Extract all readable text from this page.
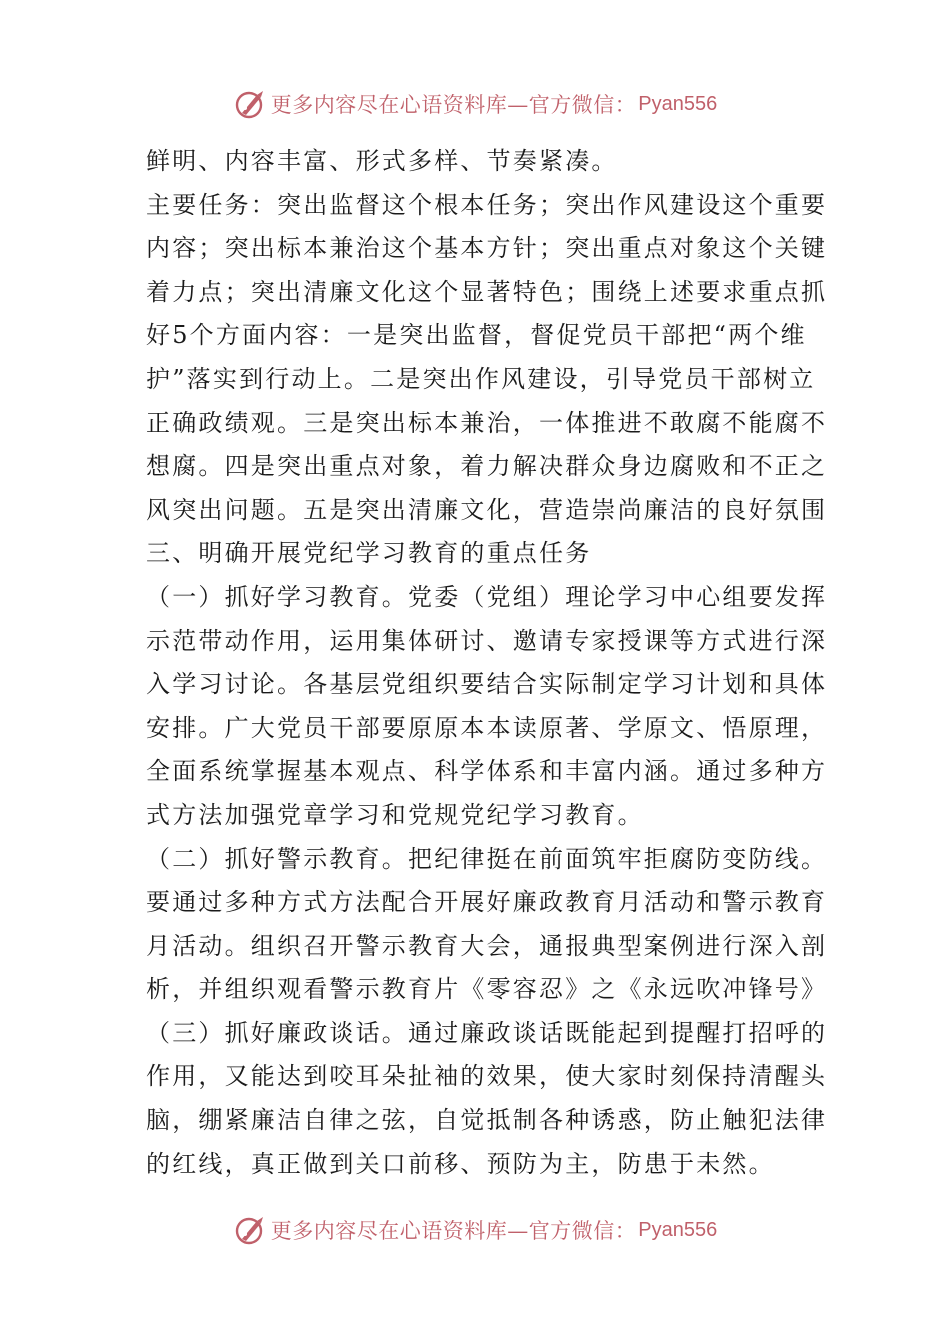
更多内容尽在心语资料库—官方微信： Pyan556
鲜明、内容丰富、形式多样、节奏紧凑。
主要任务：突出监督这个根本任务；突出作风建设这个重要
内容；突出标本兼治这个基本方针；突出重点对象这个关键
着力点；突出清廉文化这个显著特色；围绕上述要求重点抓
好5个方面内容：一是突出监督，督促党员干部把“两个维
护”落实到行动上。二是突出作风建设，引导党员干部树立
正确政绩观。三是突出标本兼治，一体推进不敢腐不能腐不
想腐。四是突出重点对象，着力解决群众身边腐败和不正之
风突出问题。五是突出清廉文化，营造崇尚廉洁的良好氛围
三、明确开展党纪学习教育的重点任务
（一）抓好学习教育。党委（党组）理论学习中心组要发挥
示范带动作用，运用集体研讨、邀请专家授课等方式进行深
入学习讨论。各基层党组织要结合实际制定学习计划和具体
安排。广大党员干部要原原本本读原著、学原文、悟原理，
全面系统掌握基本观点、科学体系和丰富内涵。通过多种方
式方法加强党章学习和党规党纪学习教育。
（二）抓好警示教育。把纪律挺在前面筑牢拒腐防变防线。
要通过多种方式方法配合开展好廉政教育月活动和警示教育
月活动。组织召开警示教育大会，通报典型案例进行深入剖
析，并组织观看警示教育片《零容忍》之《永远吹冲锋号》
（三）抓好廉政谈话。通过廉政谈话既能起到提醒打招呼的
作用，又能达到咬耳朵扯袖的效果，使大家时刻保持清醒头
脑，绷紧廉洁自律之弦，自觉抵制各种诱惑，防止触犯法律
的红线，真正做到关口前移、预防为主，防患于未然。
更多内容尽在心语资料库—官方微信： Pyan556
